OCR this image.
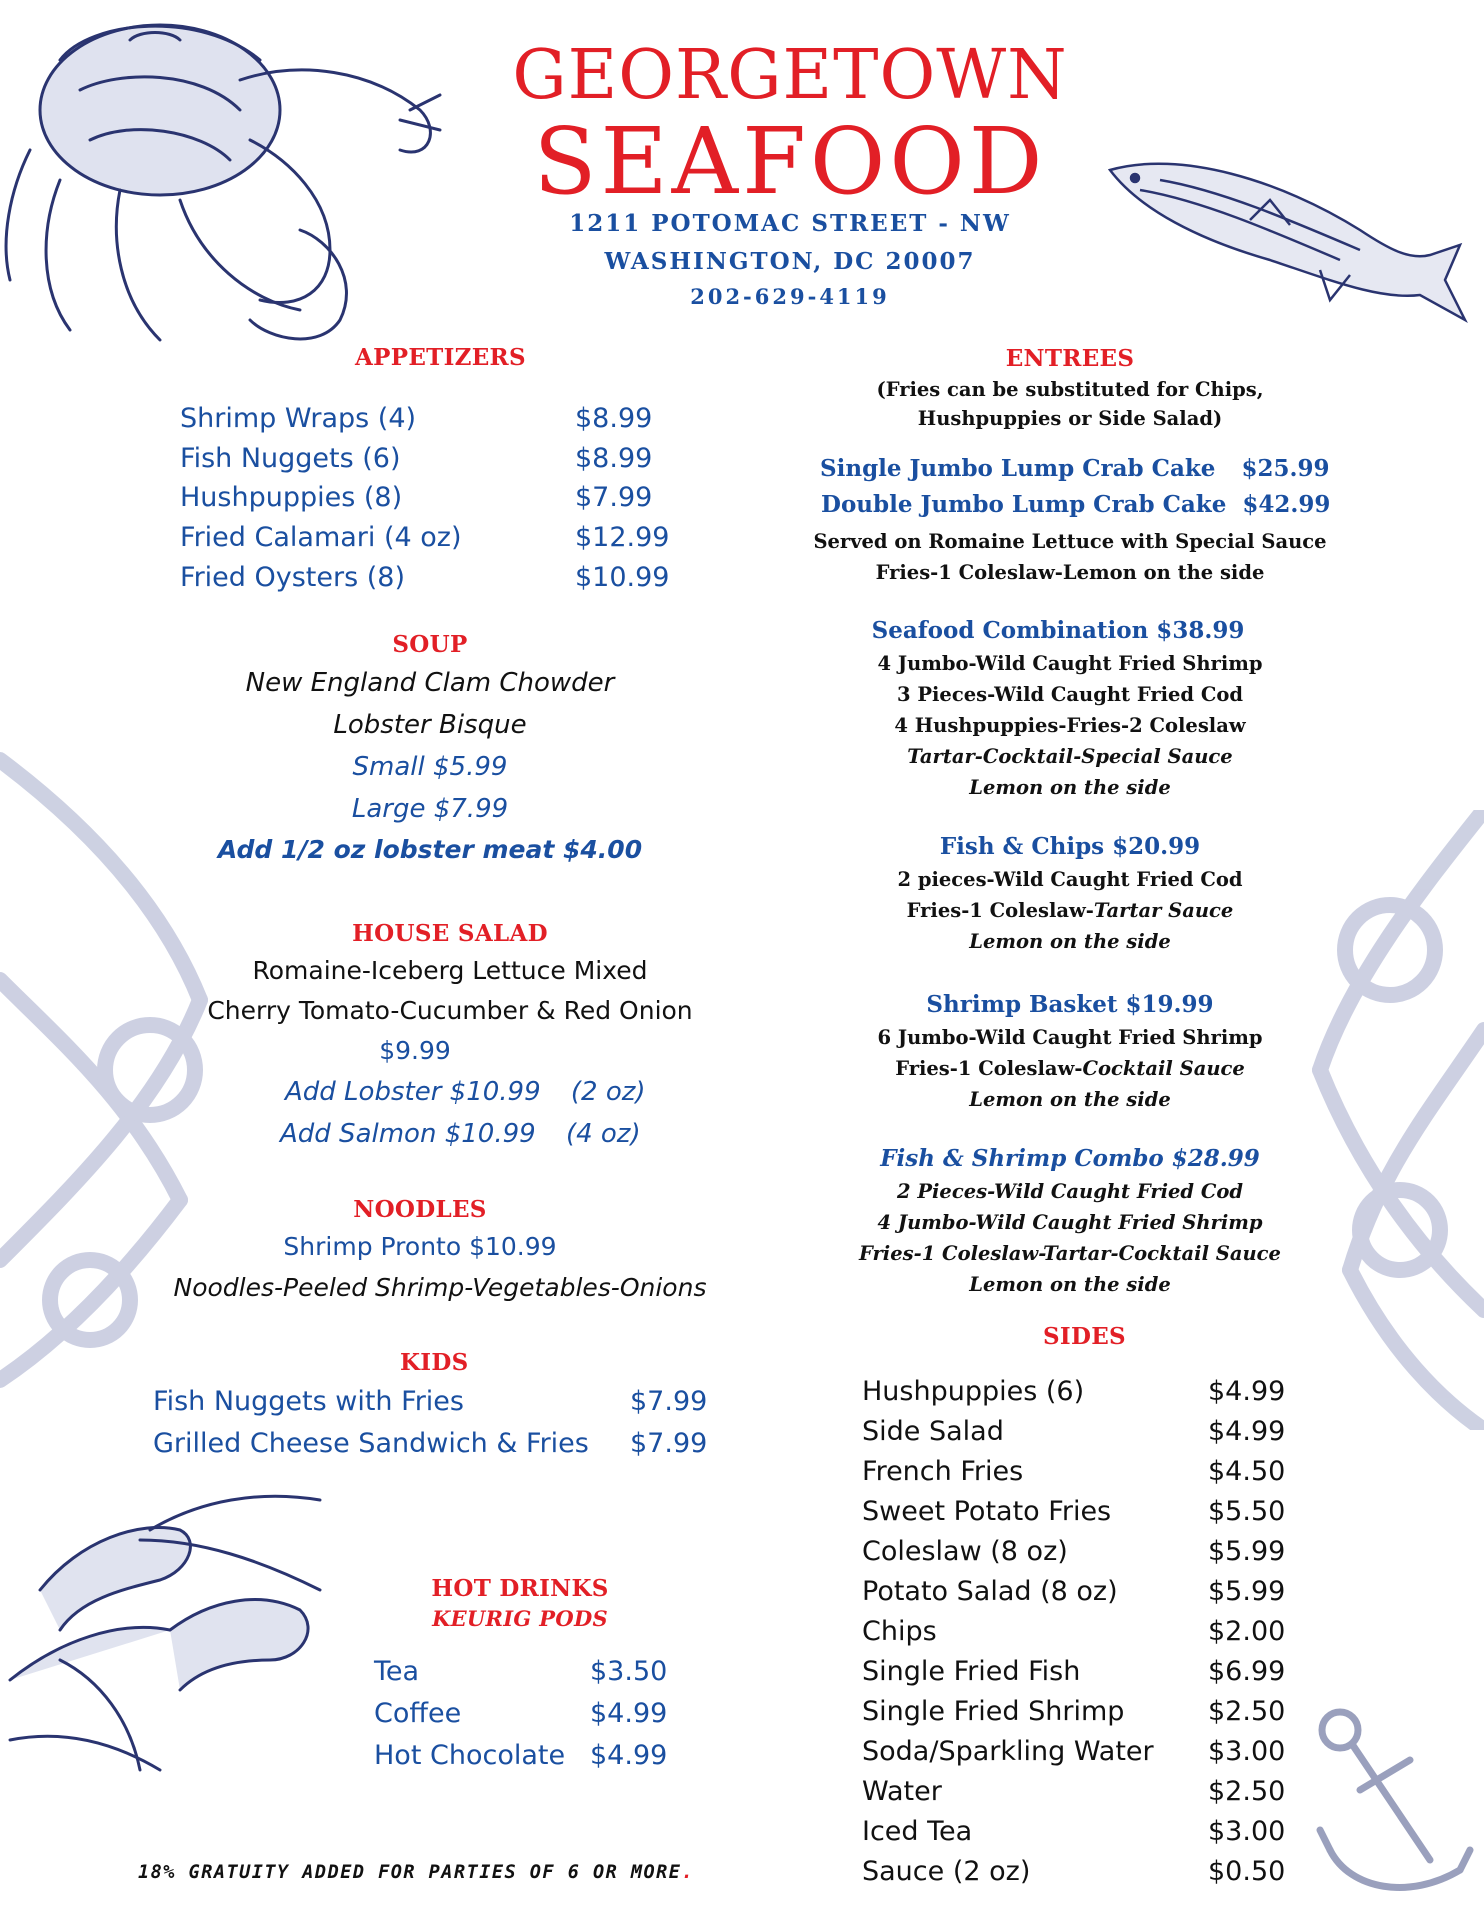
GEORGETOWN
SEAFOOD
1211 POTOMAC STREET - NW
WASHINGTON, DC 20007
202-629-4119
APPETIZERS
Shrimp Wraps (4)	$8.99
Fish Nuggets (6)	$8.99
Hushpuppies (8)	$7.99
Fried Calamari (4 oz)	$12.99
Fried Oysters (8)	$10.99
SOUP
New England Clam Chowder
Lobster Bisque
Small $5.99
Large $7.99
Add 1/2 oz lobster meat $4.00
HOUSE SALAD
Romaine-Iceberg Lettuce Mixed
Cherry Tomato-Cucumber & Red Onion
$9.99
Add Lobster $10.99 (2 oz)
Add Salmon $10.99 (4 oz)
NOODLES
Shrimp Pronto $10.99
Noodles-Peeled Shrimp-Vegetables-Onions
KIDS
Fish Nuggets with Fries	$7.99
Grilled Cheese Sandwich & Fries $7.99
HOT DRINKS
KEURIG PODS
Tea	$3.50
Coffee	$4.99
Hot Chocolate $4.99
18% GRATUITY ADDED FOR PARTIES OF 6 OR MORE.
ENTREES
(Fries can be substituted for Chips,
Hushpuppies or Side Salad)
Single Jumbo Lump Crab Cake $25.99
Double Jumbo Lump Crab Cake $42.99
Served on Romaine Lettuce with Special Sauce
Fries-1 Coleslaw-Lemon on the side
Seafood Combination $38.99
4 Jumbo-Wild Caught Fried Shrimp
3 Pieces-Wild Caught Fried Cod
4 Hushpuppies-Fries-2 Coleslaw
Tartar-Cocktail-Special Sauce
Lemon on the side
Fish & Chips $20.99
2 pieces-Wild Caught Fried Cod
Fries-1 Coleslaw-Tartar Sauce
Lemon on the side
Shrimp Basket $19.99
6 Jumbo-Wild Caught Fried Shrimp
Fries-1 Coleslaw-Cocktail Sauce
Lemon on the side
Fish & Shrimp Combo $28.99
2 Pieces-Wild Caught Fried Cod
4 Jumbo-Wild Caught Fried Shrimp
Fries-1 Coleslaw-Tartar-Cocktail Sauce
Lemon on the side
SIDES
Hushpuppies (6)	$4.99
Side Salad	$4.99
French Fries	$4.50
Sweet Potato Fries	$5.50
Coleslaw (8 oz)	$5.99
Potato Salad (8 oz)	$5.99
Chips	$2.00
Single Fried Fish	$6.99
Single Fried Shrimp	$2.50
Soda/Sparkling Water $3.00
Water	$2.50
Iced Tea	$3.00
Sauce (2 oz)	$0.50
